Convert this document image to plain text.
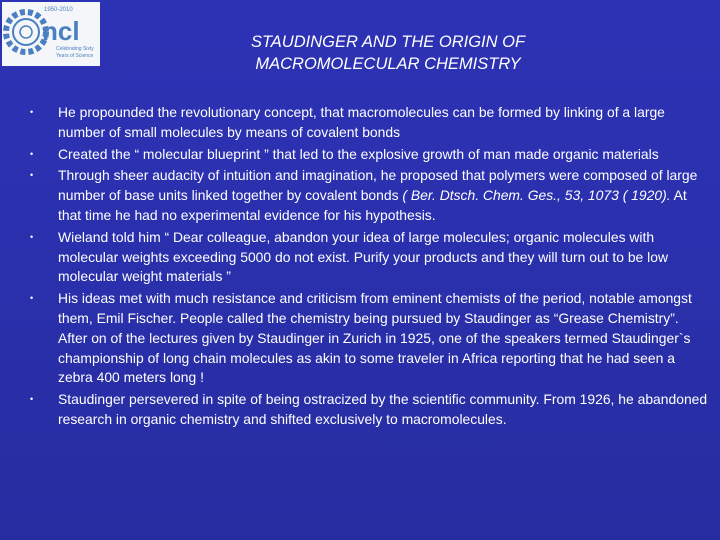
1950-2010
ncl
Celebrating Sixty
Years of Science
STAUDINGER AND THE ORIGIN OF
MACROMOLECULAR CHEMISTRY
• He propounded the revolutionary concept, that macromolecules can be formed by linking of a large number of small molecules by means of covalent bonds
• Created the “ molecular blueprint ” that led to the explosive growth of man made organic materials
• Through sheer audacity of intuition and imagination, he proposed that polymers were composed of large number of base units linked together by covalent bonds ( Ber. Dtsch. Chem. Ges., 53, 1073 ( 1920). At that time he had no experimental evidence for his hypothesis.
• Wieland told him “ Dear colleague, abandon your idea of large molecules; organic molecules with molecular weights exceeding 5000 do not exist. Purify your products and they will turn out to be low molecular weight materials ”
• His ideas met with much resistance and criticism from eminent chemists of the period, notable amongst them, Emil Fischer. People called the chemistry being pursued by Staudinger as “Grease Chemistry”. After on of the lectures given by Staudinger in Zurich in 1925, one of the speakers termed Staudinger`s championship of long chain molecules as akin to some traveler in Africa reporting that he had seen a zebra 400 meters long !
• Staudinger persevered in spite of being ostracized by the scientific community. From 1926, he abandoned research in organic chemistry and shifted exclusively to macromolecules.
